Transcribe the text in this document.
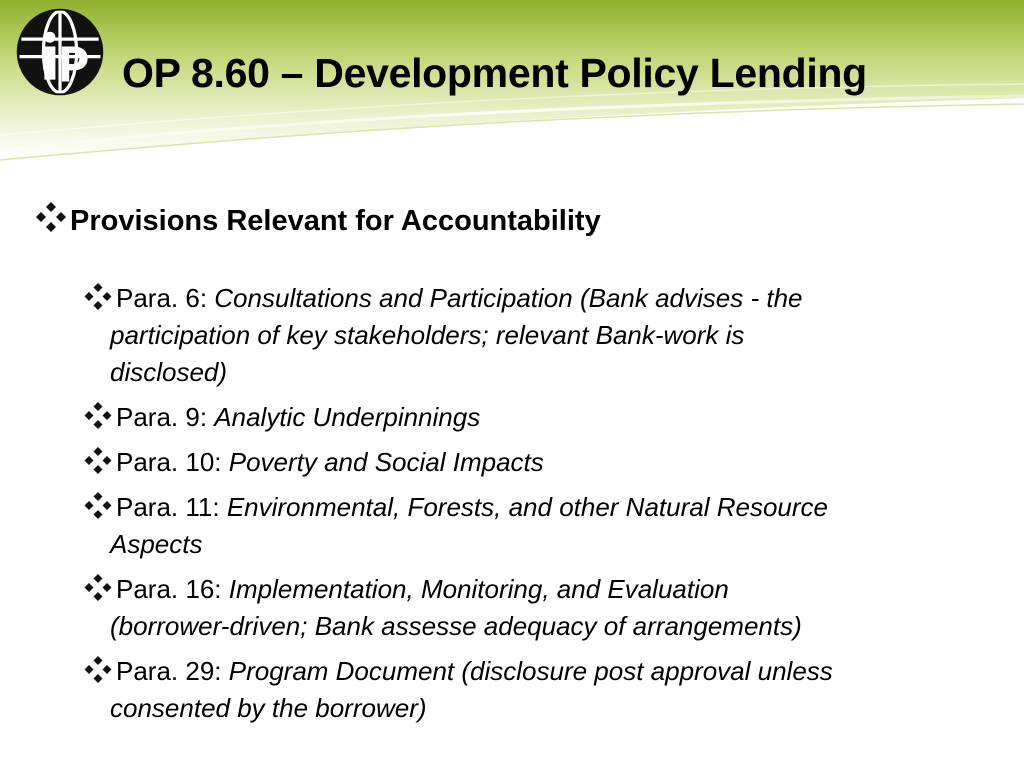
OP 8.60 – Development Policy Lending
Provisions Relevant for Accountability
Para. 6: Consultations and Participation (Bank advises - the
participation of key stakeholders; relevant Bank-work is
disclosed)
Para. 9: Analytic Underpinnings
Para. 10: Poverty and Social Impacts
Para. 11: Environmental, Forests, and other Natural Resource
Aspects
Para. 16: Implementation, Monitoring, and Evaluation
(borrower-driven; Bank assesse adequacy of arrangements)
Para. 29: Program Document (disclosure post approval unless
consented by the borrower)
